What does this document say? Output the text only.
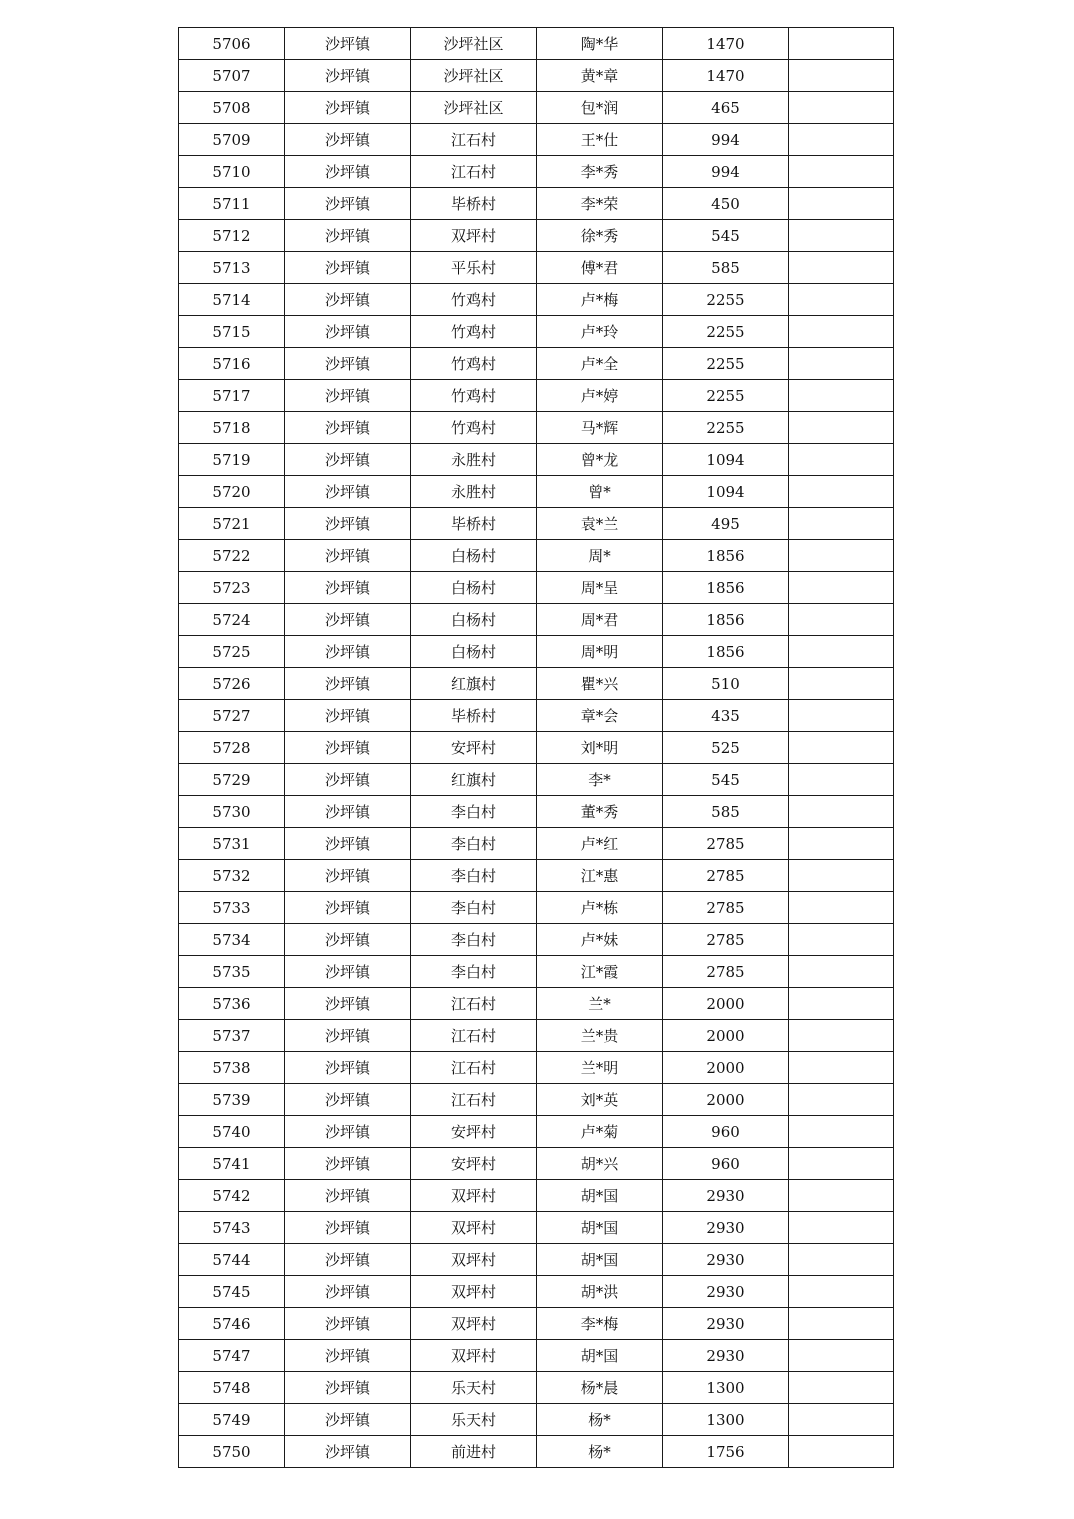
5706	沙坪镇	沙坪社区	陶*华	1470	
5707	沙坪镇	沙坪社区	黄*章	1470	
5708	沙坪镇	沙坪社区	包*润	465	
5709	沙坪镇	江石村	王*仕	994	
5710	沙坪镇	江石村	李*秀	994	
5711	沙坪镇	毕桥村	李*荣	450	
5712	沙坪镇	双坪村	徐*秀	545	
5713	沙坪镇	平乐村	傅*君	585	
5714	沙坪镇	竹鸡村	卢*梅	2255	
5715	沙坪镇	竹鸡村	卢*玲	2255	
5716	沙坪镇	竹鸡村	卢*全	2255	
5717	沙坪镇	竹鸡村	卢*婷	2255	
5718	沙坪镇	竹鸡村	马*辉	2255	
5719	沙坪镇	永胜村	曾*龙	1094	
5720	沙坪镇	永胜村	曾*	1094	
5721	沙坪镇	毕桥村	袁*兰	495	
5722	沙坪镇	白杨村	周*	1856	
5723	沙坪镇	白杨村	周*呈	1856	
5724	沙坪镇	白杨村	周*君	1856	
5725	沙坪镇	白杨村	周*明	1856	
5726	沙坪镇	红旗村	瞿*兴	510	
5727	沙坪镇	毕桥村	章*会	435	
5728	沙坪镇	安坪村	刘*明	525	
5729	沙坪镇	红旗村	李*	545	
5730	沙坪镇	李白村	董*秀	585	
5731	沙坪镇	李白村	卢*红	2785	
5732	沙坪镇	李白村	江*惠	2785	
5733	沙坪镇	李白村	卢*栋	2785	
5734	沙坪镇	李白村	卢*妹	2785	
5735	沙坪镇	李白村	江*霞	2785	
5736	沙坪镇	江石村	兰*	2000	
5737	沙坪镇	江石村	兰*贵	2000	
5738	沙坪镇	江石村	兰*明	2000	
5739	沙坪镇	江石村	刘*英	2000	
5740	沙坪镇	安坪村	卢*菊	960	
5741	沙坪镇	安坪村	胡*兴	960	
5742	沙坪镇	双坪村	胡*国	2930	
5743	沙坪镇	双坪村	胡*国	2930	
5744	沙坪镇	双坪村	胡*国	2930	
5745	沙坪镇	双坪村	胡*洪	2930	
5746	沙坪镇	双坪村	李*梅	2930	
5747	沙坪镇	双坪村	胡*国	2930	
5748	沙坪镇	乐天村	杨*晨	1300	
5749	沙坪镇	乐天村	杨*	1300	
5750	沙坪镇	前进村	杨*	1756	
